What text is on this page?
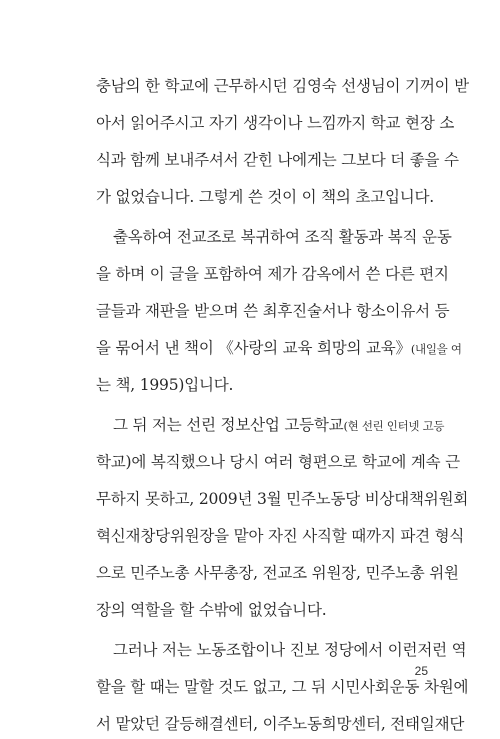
충남의 한 학교에 근무하시던 김영숙 선생님이 기꺼이 받
아서 읽어주시고 자기 생각이나 느낌까지 학교 현장 소
식과 함께 보내주셔서 갇힌 나에게는 그보다 더 좋을 수
가 없었습니다. 그렇게 쓴 것이 이 책의 초고입니다.
출옥하여 전교조로 복귀하여 조직 활동과 복직 운동
을 하며 이 글을 포함하여 제가 감옥에서 쓴 다른 편지
글들과 재판을 받으며 쓴 최후진술서나 항소이유서 등
을 묶어서 낸 책이 《사랑의 교육 희망의 교육》(내일을 여
는 책, 1995)입니다.
그 뒤 저는 선린 정보산업 고등학교(현 선린 인터넷 고등
학교)에 복직했으나 당시 여러 형편으로 학교에 계속 근
무하지 못하고, 2009년 3월 민주노동당 비상대책위원회
혁신재창당위원장을 맡아 자진 사직할 때까지 파견 형식
으로 민주노총 사무총장, 전교조 위원장, 민주노총 위원
장의 역할을 할 수밖에 없었습니다.
그러나 저는 노동조합이나 진보 정당에서 이런저런 역
할을 할 때는 말할 것도 없고, 그 뒤 시민사회운동 차원에
서 맡았던 갈등해결센터, 이주노동희망센터, 전태일재단
25
